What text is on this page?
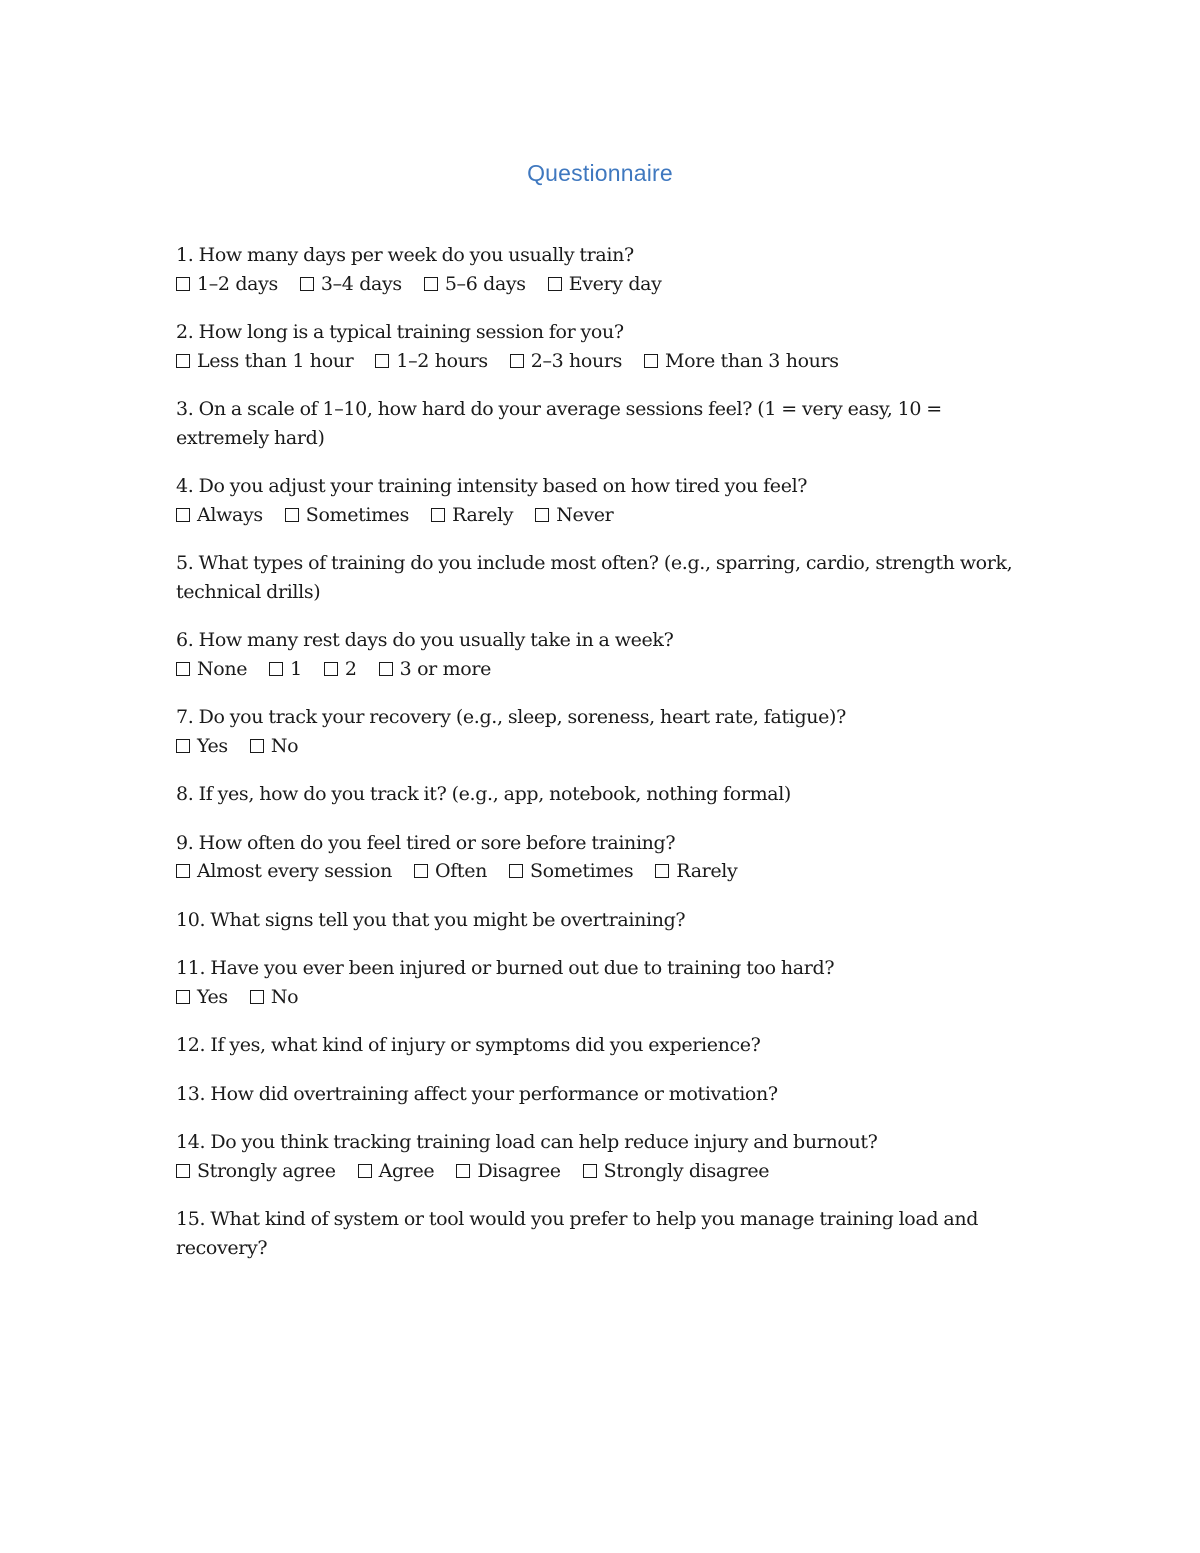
Questionnaire
1. How many days per week do you usually train?
1–2 days 3–4 days 5–6 days Every day
2. How long is a typical training session for you?
Less than 1 hour 1–2 hours 2–3 hours More than 3 hours
3. On a scale of 1–10, how hard do your average sessions feel? (1 = very easy, 10 = extremely hard)
4. Do you adjust your training intensity based on how tired you feel?
Always Sometimes Rarely Never
5. What types of training do you include most often? (e.g., sparring, cardio, strength work, technical drills)
6. How many rest days do you usually take in a week?
None 1 2 3 or more
7. Do you track your recovery (e.g., sleep, soreness, heart rate, fatigue)?
Yes No
8. If yes, how do you track it? (e.g., app, notebook, nothing formal)
9. How often do you feel tired or sore before training?
Almost every session Often Sometimes Rarely
10. What signs tell you that you might be overtraining?
11. Have you ever been injured or burned out due to training too hard?
Yes No
12. If yes, what kind of injury or symptoms did you experience?
13. How did overtraining affect your performance or motivation?
14. Do you think tracking training load can help reduce injury and burnout?
Strongly agree Agree Disagree Strongly disagree
15. What kind of system or tool would you prefer to help you manage training load and recovery?
